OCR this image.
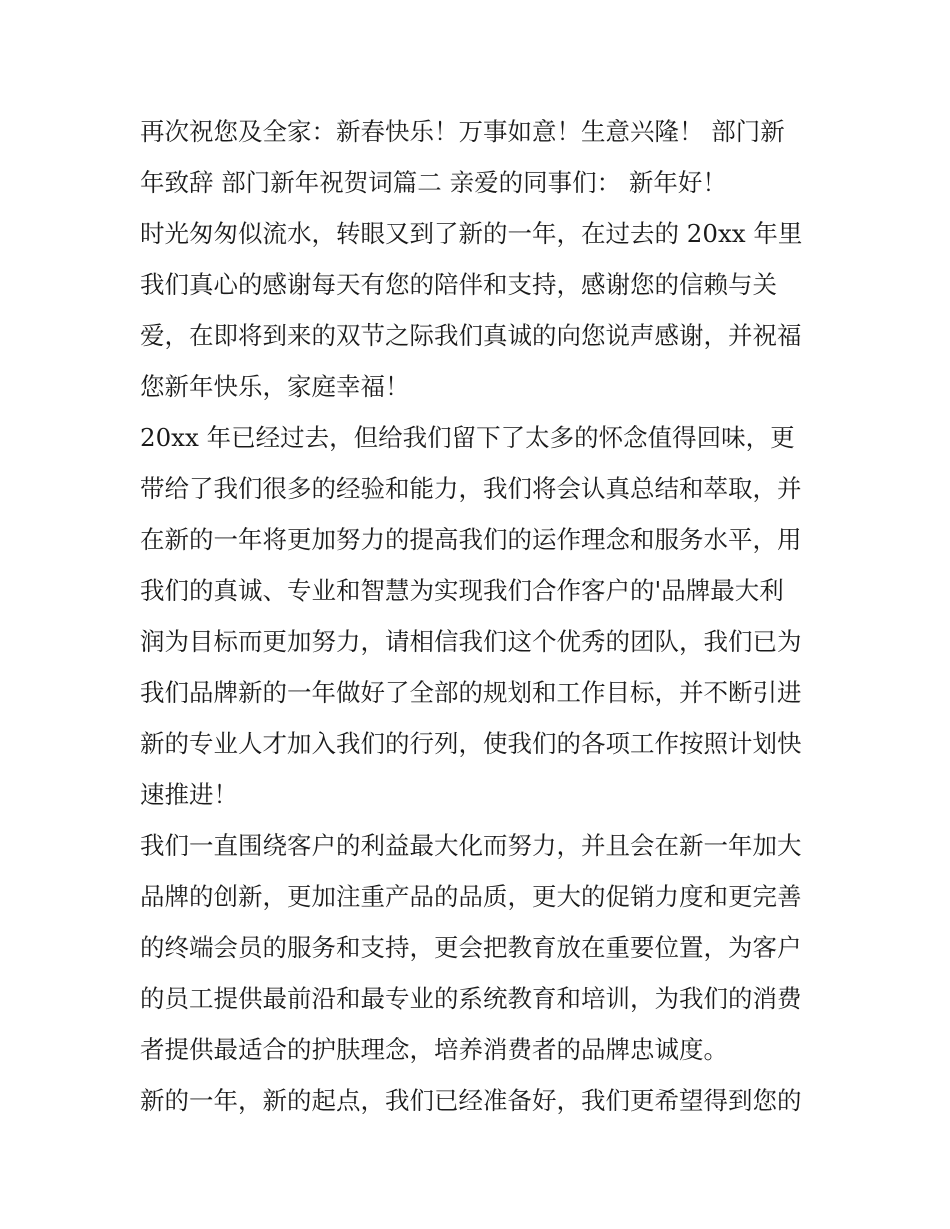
再次祝您及全家：新春快乐！万事如意！生意兴隆！ 部门新
年致辞 部门新年祝贺词篇二 亲爱的同事们： 新年好！
时光匆匆似流水，转眼又到了新的一年，在过去的 20xx 年里
我们真心的感谢每天有您的陪伴和支持，感谢您的信赖与关
爱，在即将到来的双节之际我们真诚的向您说声感谢，并祝福
您新年快乐，家庭幸福！
20xx 年已经过去，但给我们留下了太多的怀念值得回味，更
带给了我们很多的经验和能力，我们将会认真总结和萃取，并
在新的一年将更加努力的提高我们的运作理念和服务水平，用
我们的真诚、专业和智慧为实现我们合作客户的'品牌最大利
润为目标而更加努力，请相信我们这个优秀的团队，我们已为
我们品牌新的一年做好了全部的规划和工作目标，并不断引进
新的专业人才加入我们的行列，使我们的各项工作按照计划快
速推进！
我们一直围绕客户的利益最大化而努力，并且会在新一年加大
品牌的创新，更加注重产品的品质，更大的促销力度和更完善
的终端会员的服务和支持，更会把教育放在重要位置，为客户
的员工提供最前沿和最专业的系统教育和培训，为我们的消费
者提供最适合的护肤理念，培养消费者的品牌忠诚度。
新的一年，新的起点，我们已经准备好，我们更希望得到您的
